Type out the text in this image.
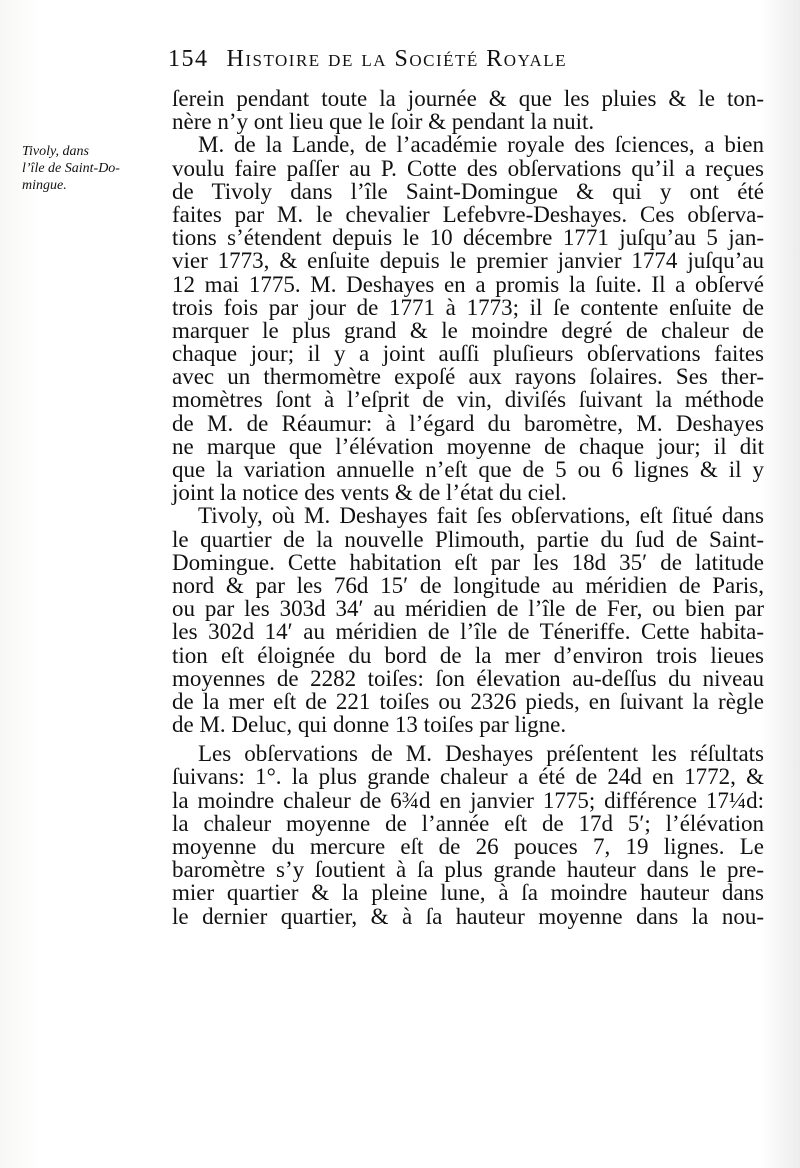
154 Histoire de la Société Royale
Tivoly, dans
l’île de Saint-Do-
mingue.
ſerein pendant toute la journée & que les pluies & le ton-
nère n’y ont lieu que le ſoir & pendant la nuit.
M. de la Lande, de l’académie royale des ſciences, a bien
voulu faire paſſer au P. Cotte des obſervations qu’il a reçues
de Tivoly dans l’île Saint-Domingue & qui y ont été
faites par M. le chevalier Lefebvre-Deshayes. Ces obſerva-
tions s’étendent depuis le 10 décembre 1771 juſqu’au 5 jan-
vier 1773, & enſuite depuis le premier janvier 1774 juſqu’au
12 mai 1775. M. Deshayes en a promis la ſuite. Il a obſervé
trois fois par jour de 1771 à 1773; il ſe contente enſuite de
marquer le plus grand & le moindre degré de chaleur de
chaque jour; il y a joint auſſi pluſieurs obſervations faites
avec un thermomètre expoſé aux rayons ſolaires. Ses ther-
momètres ſont à l’eſprit de vin, diviſés ſuivant la méthode
de M. de Réaumur: à l’égard du baromètre, M. Deshayes
ne marque que l’élévation moyenne de chaque jour; il dit
que la variation annuelle n’eſt que de 5 ou 6 lignes & il y
joint la notice des vents & de l’état du ciel.
Tivoly, où M. Deshayes fait ſes obſervations, eſt ſitué dans
le quartier de la nouvelle Plimouth, partie du ſud de Saint-
Domingue. Cette habitation eſt par les 18d 35′ de latitude
nord & par les 76d 15′ de longitude au méridien de Paris,
ou par les 303d 34′ au méridien de l’île de Fer, ou bien par
les 302d 14′ au méridien de l’île de Téneriffe. Cette habita-
tion eſt éloignée du bord de la mer d’environ trois lieues
moyennes de 2282 toiſes: ſon élevation au-deſſus du niveau
de la mer eſt de 221 toiſes ou 2326 pieds, en ſuivant la règle
de M. Deluc, qui donne 13 toiſes par ligne.
Les obſervations de M. Deshayes préſentent les réſultats
ſuivans: 1°. la plus grande chaleur a été de 24d en 1772, &
la moindre chaleur de 6¾d en janvier 1775; différence 17¼d:
la chaleur moyenne de l’année eſt de 17d 5′; l’élévation
moyenne du mercure eſt de 26 pouces 7, 19 lignes. Le
baromètre s’y ſoutient à ſa plus grande hauteur dans le pre-
mier quartier & la pleine lune, à ſa moindre hauteur dans
le dernier quartier, & à ſa hauteur moyenne dans la nou-
